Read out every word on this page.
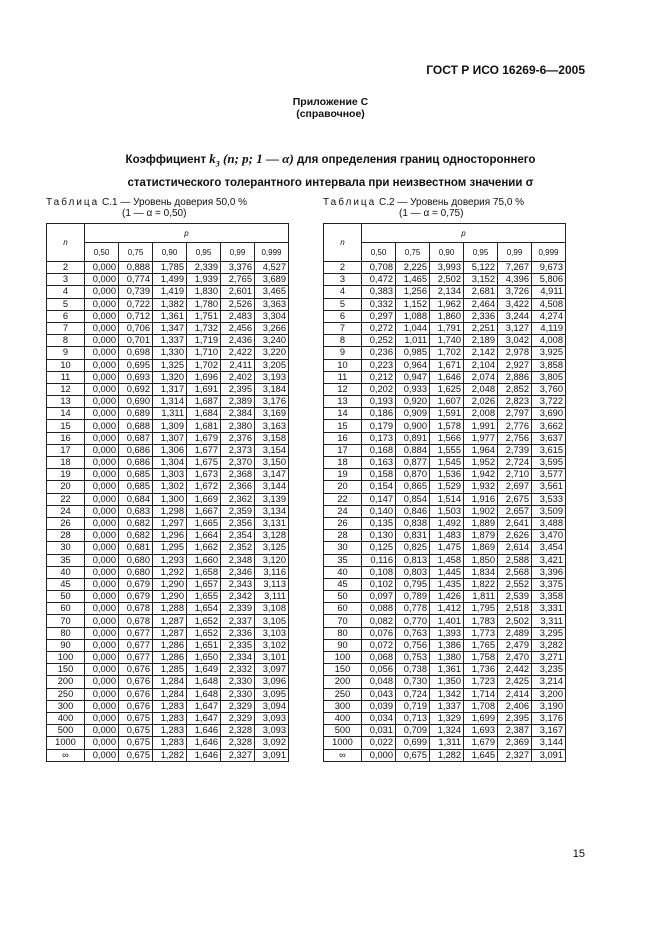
ГОСТ Р ИСО 16269-6—2005
Приложение С
(справочное)
Коэффициент $k_3$ (n; p; 1 — α) для определения границ одностороннего
статистического толерантного интервала при неизвестном значении σ
Таблица С.1 — Уровень доверия 50,0 %
(1 — α = 0,50)
Таблица С.2 — Уровень доверия 75,0 %
(1 — α = 0,75)
n	p					
	0,50	0,75	0,90	0,95	0,99	0,999
2	0,000	0,888	1,785	2,339	3,376	4,527
3	0,000	0,774	1,499	1,939	2,765	3,689
4	0,000	0,739	1,419	1,830	2,601	3,465
5	0,000	0,722	1,382	1,780	2,526	3,363
6	0,000	0,712	1,361	1,751	2,483	3,304
7	0,000	0,706	1,347	1,732	2,456	3,266
8	0,000	0,701	1,337	1,719	2,436	3,240
9	0,000	0,698	1,330	1,710	2,422	3,220
10	0,000	0,695	1,325	1,702	2,411	3,205
11	0,000	0,693	1,320	1,696	2,402	3,193
12	0,000	0,692	1,317	1,691	2,395	3,184
13	0,000	0,690	1,314	1,687	2,389	3,176
14	0,000	0,689	1,311	1,684	2,384	3,169
15	0,000	0,688	1,309	1,681	2,380	3,163
16	0,000	0,687	1,307	1,679	2,376	3,158
17	0,000	0,686	1,306	1,677	2,373	3,154
18	0,000	0,686	1,304	1,675	2,370	3,150
19	0,000	0,685	1,303	1,673	2,368	3,147
20	0,000	0,685	1,302	1,672	2,366	3,144
22	0,000	0,684	1,300	1,669	2,362	3,139
24	0,000	0,683	1,298	1,667	2,359	3,134
26	0,000	0,682	1,297	1,665	2,356	3,131
28	0,000	0,682	1,296	1,664	2,354	3,128
30	0,000	0,681	1,295	1,662	2,352	3,125
35	0,000	0,680	1,293	1,660	2,348	3,120
40	0,000	0,680	1,292	1,658	2,346	3,116
45	0,000	0,679	1,290	1,657	2,343	3,113
50	0,000	0,679	1,290	1,655	2,342	3,111
60	0,000	0,678	1,288	1,654	2,339	3,108
70	0,000	0,678	1,287	1,652	2,337	3,105
80	0,000	0,677	1,287	1,652	2,336	3,103
90	0,000	0,677	1,286	1,651	2,335	3,102
100	0,000	0,677	1,286	1,650	2,334	3,101
150	0,000	0,676	1,285	1,649	2,332	3,097
200	0,000	0,676	1,284	1,648	2,330	3,096
250	0,000	0,676	1,284	1,648	2,330	3,095
300	0,000	0,676	1,283	1,647	2,329	3,094
400	0,000	0,675	1,283	1,647	2,329	3,093
500	0,000	0,675	1,283	1,646	2,328	3,093
1000	0,000	0,675	1,283	1,646	2,328	3,092
∞	0,000	0,675	1,282	1,646	2,327	3,091
n	p					
	0,50	0,75	0,90	0,95	0,99	0,999
2	0,708	2,225	3,993	5,122	7,267	9,673
3	0,472	1,465	2,502	3,152	4,396	5,806
4	0,383	1,256	2,134	2,681	3,726	4,911
5	0,332	1,152	1,962	2,464	3,422	4,508
6	0,297	1,088	1,860	2,336	3,244	4,274
7	0,272	1,044	1,791	2,251	3,127	4,119
8	0,252	1,011	1,740	2,189	3,042	4,008
9	0,236	0,985	1,702	2,142	2,978	3,925
10	0,223	0,964	1,671	2,104	2,927	3,858
11	0,212	0,947	1,646	2,074	2,886	3,805
12	0,202	0,933	1,625	2,048	2,852	3,760
13	0,193	0,920	1,607	2,026	2,823	3,722
14	0,186	0,909	1,591	2,008	2,797	3,690
15	0,179	0,900	1,578	1,991	2,776	3,662
16	0,173	0,891	1,566	1,977	2,756	3,637
17	0,168	0,884	1,555	1,964	2,739	3,615
18	0,163	0,877	1,545	1,952	2,724	3,595
19	0,158	0,870	1,536	1,942	2,710	3,577
20	0,154	0,865	1,529	1,932	2,697	3,561
22	0,147	0,854	1,514	1,916	2,675	3,533
24	0,140	0,846	1,503	1,902	2,657	3,509
26	0,135	0,838	1,492	1,889	2,641	3,488
28	0,130	0,831	1,483	1,879	2,626	3,470
30	0,125	0,825	1,475	1,869	2,614	3,454
35	0,116	0,813	1,458	1,850	2,588	3,421
40	0,108	0,803	1,445	1,834	2,568	3,396
45	0,102	0,795	1,435	1,822	2,552	3,375
50	0,097	0,789	1,426	1,811	2,539	3,358
60	0,088	0,778	1,412	1,795	2,518	3,331
70	0,082	0,770	1,401	1,783	2,502	3,311
80	0,076	0,763	1,393	1,773	2,489	3,295
90	0,072	0,756	1,386	1,765	2,479	3,282
100	0,068	0,753	1,380	1,758	2,470	3,271
150	0,056	0,738	1,361	1,736	2,442	3,235
200	0,048	0,730	1,350	1,723	2,425	3,214
250	0,043	0,724	1,342	1,714	2,414	3,200
300	0,039	0,719	1,337	1,708	2,406	3,190
400	0,034	0,713	1,329	1,699	2,395	3,176
500	0,031	0,709	1,324	1,693	2,387	3,167
1000	0,022	0,699	1,311	1,679	2,369	3,144
∞	0,000	0,675	1,282	1,645	2,327	3,091
15
